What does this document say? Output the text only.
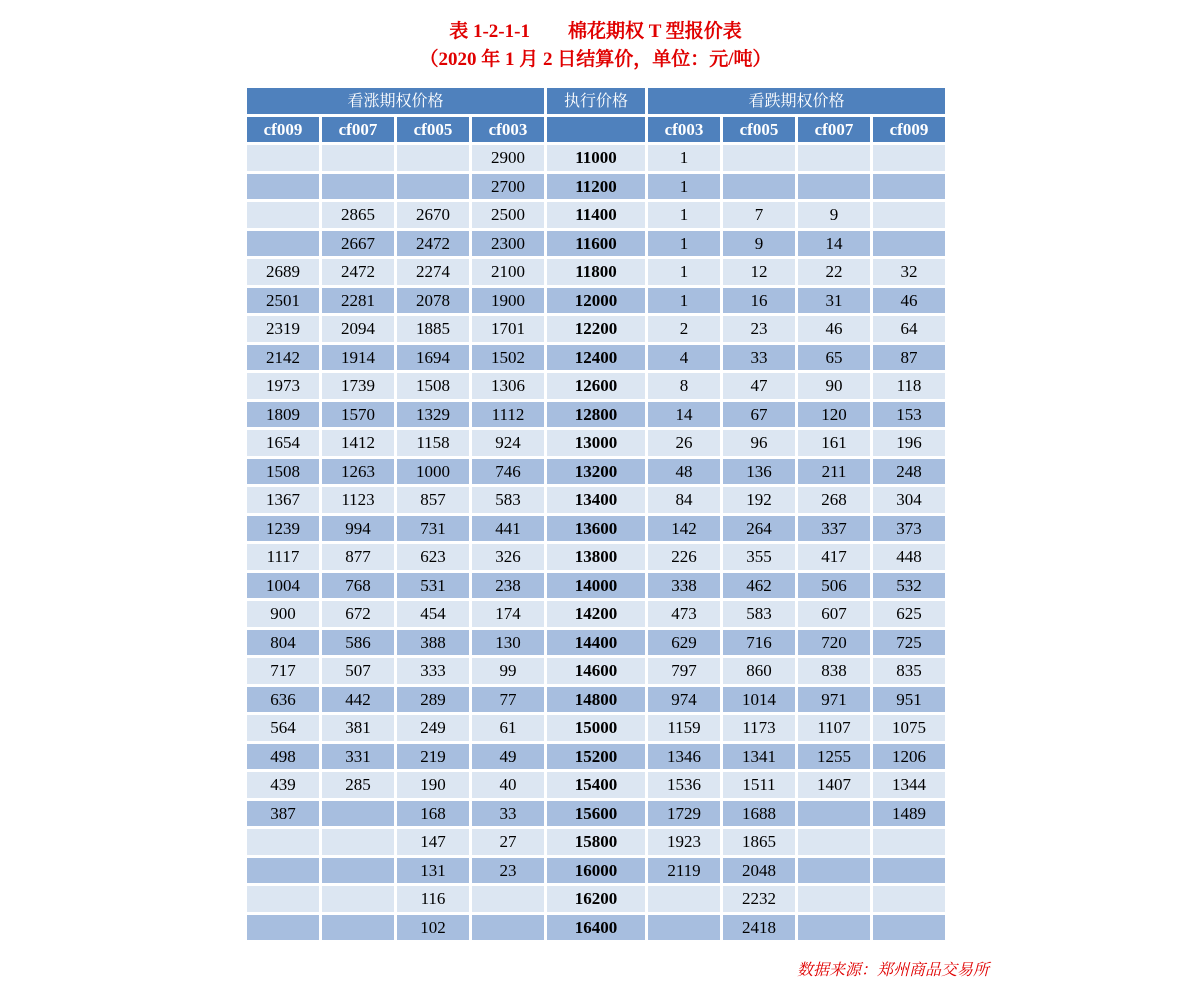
表 1-2-1-1　　棉花期权 T 型报价表
（2020 年 1 月 2 日结算价，单位：元/吨）
看涨期权价格				执行价格	看跌期权价格			
cf009	cf007	cf005	cf003		cf003	cf005	cf007	cf009
			2900	11000	1			
			2700	11200	1			
	2865	2670	2500	11400	1	7	9	
	2667	2472	2300	11600	1	9	14	
2689	2472	2274	2100	11800	1	12	22	32
2501	2281	2078	1900	12000	1	16	31	46
2319	2094	1885	1701	12200	2	23	46	64
2142	1914	1694	1502	12400	4	33	65	87
1973	1739	1508	1306	12600	8	47	90	118
1809	1570	1329	1112	12800	14	67	120	153
1654	1412	1158	924	13000	26	96	161	196
1508	1263	1000	746	13200	48	136	211	248
1367	1123	857	583	13400	84	192	268	304
1239	994	731	441	13600	142	264	337	373
1117	877	623	326	13800	226	355	417	448
1004	768	531	238	14000	338	462	506	532
900	672	454	174	14200	473	583	607	625
804	586	388	130	14400	629	716	720	725
717	507	333	99	14600	797	860	838	835
636	442	289	77	14800	974	1014	971	951
564	381	249	61	15000	1159	1173	1107	1075
498	331	219	49	15200	1346	1341	1255	1206
439	285	190	40	15400	1536	1511	1407	1344
387		168	33	15600	1729	1688		1489
		147	27	15800	1923	1865		
		131	23	16000	2119	2048		
		116		16200		2232		
		102		16400		2418		
数据来源：郑州商品交易所
